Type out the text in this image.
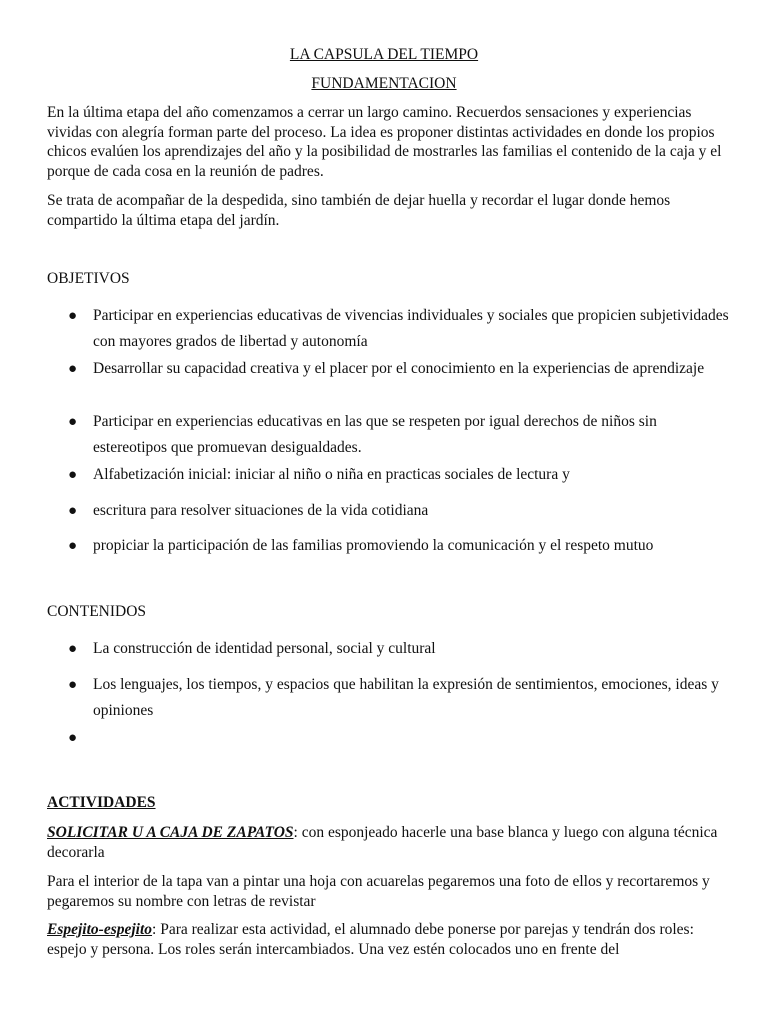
LA CAPSULA DEL TIEMPO
FUNDAMENTACION

En la última etapa del año comenzamos a cerrar un largo camino. Recuerdos sensaciones y experiencias vividas con alegría forman parte del proceso. La idea es proponer distintas actividades en donde los propios chicos evalúen los aprendizajes del año y la posibilidad de mostrarles las familias el contenido de la caja y el porque de cada cosa en la reunión de padres.

Se trata de acompañar de la despedida, sino también de dejar huella y recordar el lugar donde hemos compartido la última etapa del jardín.

OBJETIVOS

●	Participar en experiencias educativas de vivencias individuales y sociales que propicien subjetividades con mayores grados de libertad y autonomía

●	Desarrollar su capacidad creativa y el placer por el conocimiento en la experiencias de aprendizaje

●	Participar en experiencias educativas en las que se respeten por igual derechos de niños sin estereotipos que promuevan desigualdades.

●	Alfabetización inicial: iniciar al niño o niña en practicas sociales de lectura y

●	escritura para resolver situaciones de la vida cotidiana

●	propiciar la participación de las familias promoviendo la comunicación y el respeto mutuo

CONTENIDOS

●	La construcción de identidad personal, social y cultural

●	Los lenguajes, los tiempos, y espacios que habilitan la expresión de sentimientos, emociones, ideas y opiniones

●

ACTIVIDADES

SOLICITAR U A CAJA DE ZAPATOS: con esponjeado hacerle una base blanca y luego con alguna técnica decorarla

Para el interior de la tapa van a pintar una hoja con acuarelas pegaremos una foto de ellos y recortaremos y pegaremos su nombre con letras de revistar

Espejito-espejito: Para realizar esta actividad, el alumnado debe ponerse por parejas y tendrán dos roles: espejo y persona. Los roles serán intercambiados. Una vez estén colocados uno en frente del
